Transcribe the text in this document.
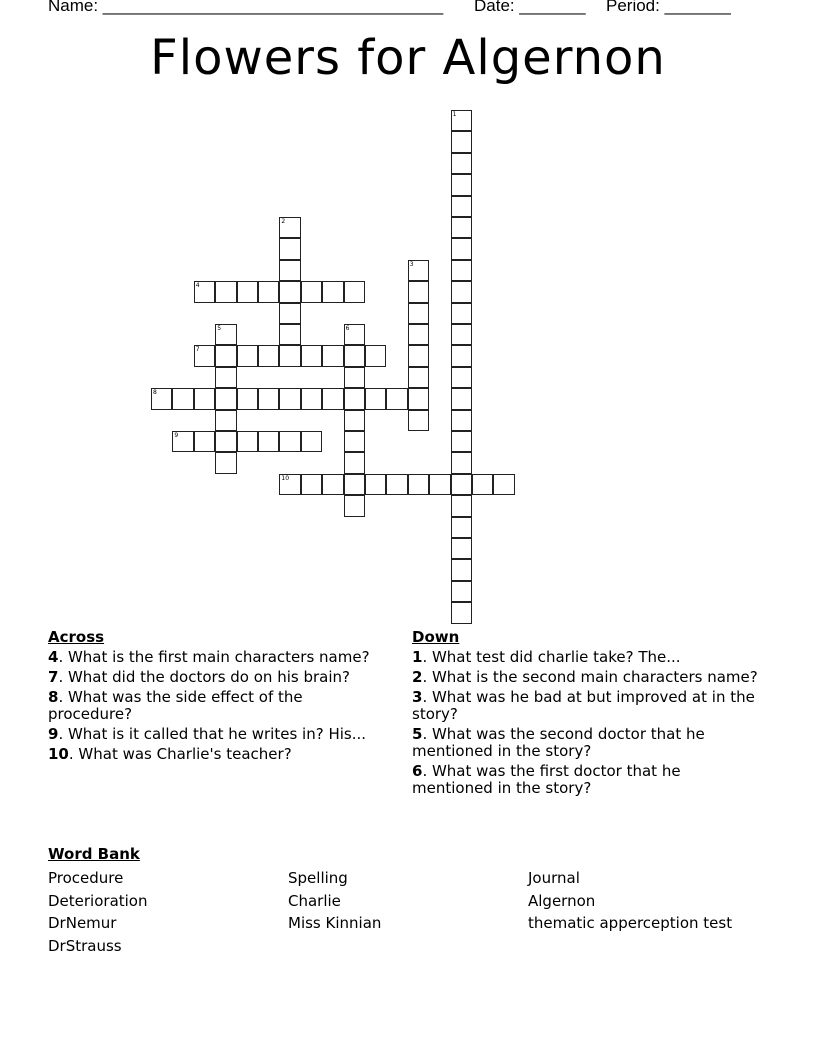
Name: ____________________________________ Date: _______ Period: _______
Flowers for Algernon
1
2
3
4
5	6
7
8
9
10
Across
4. What is the first main characters name?
7. What did the doctors do on his brain?
8. What was the side effect of the procedure?
9. What is it called that he writes in? His...
10. What was Charlie's teacher?
Down
1. What test did charlie take? The...
2. What is the second main characters name?
3. What was he bad at but improved at in the story?
5. What was the second doctor that he mentioned in the story?
6. What was the first doctor that he mentioned in the story?
Word Bank
Procedure
Deterioration
DrNemur
DrStrauss
Spelling
Charlie
Miss Kinnian
Journal
Algernon
thematic apperception test
